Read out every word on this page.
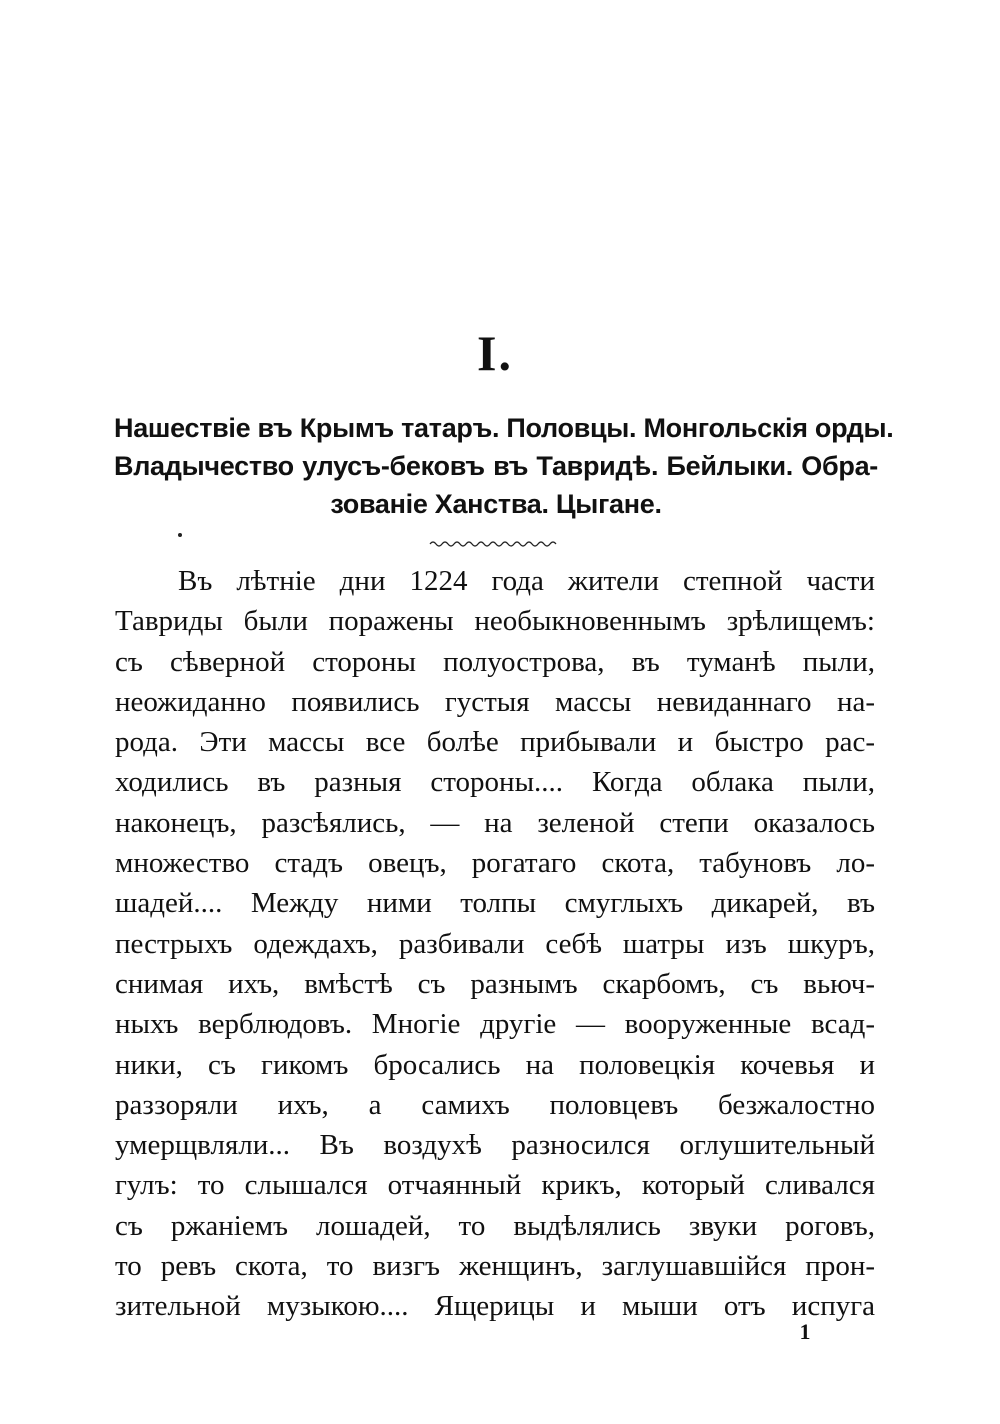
I.
Нашествіе въ Крымъ татаръ. Половцы. Монгольскія орды.
Владычество улусъ-бековъ въ Тавридѣ. Бейлыки. Обра-
зованіе Ханства. Цыгане.
Въ лѣтніе дни 1224 года жители степной части
Тавриды были поражены необыкновеннымъ зрѣлищемъ:
съ сѣверной стороны полуострова, въ туманѣ пыли,
неожиданно появились густыя массы невиданнаго на-
рода. Эти массы все болѣе прибывали и быстро рас-
ходились въ разныя стороны.... Когда облака пыли,
наконецъ, разсѣялись, — на зеленой степи оказалось
множество стадъ овецъ, рогатаго скота, табуновъ ло-
шадей.... Между ними толпы смуглыхъ дикарей, въ
пестрыхъ одеждахъ, разбивали себѣ шатры изъ шкуръ,
снимая ихъ, вмѣстѣ съ разнымъ скарбомъ, съ вьюч-
ныхъ верблюдовъ. Многіе другіе — вооруженные всад-
ники, съ гикомъ бросались на половецкія кочевья и
раззоряли ихъ, а самихъ половцевъ безжалостно
умерщвляли... Въ воздухѣ разносился оглушительный
гулъ: то слышался отчаянный крикъ, который сливался
съ ржаніемъ лошадей, то выдѣлялись звуки роговъ,
то ревъ скота, то визгъ женщинъ, заглушавшійся прон-
зительной музыкою.... Ящерицы и мыши отъ испуга
1
